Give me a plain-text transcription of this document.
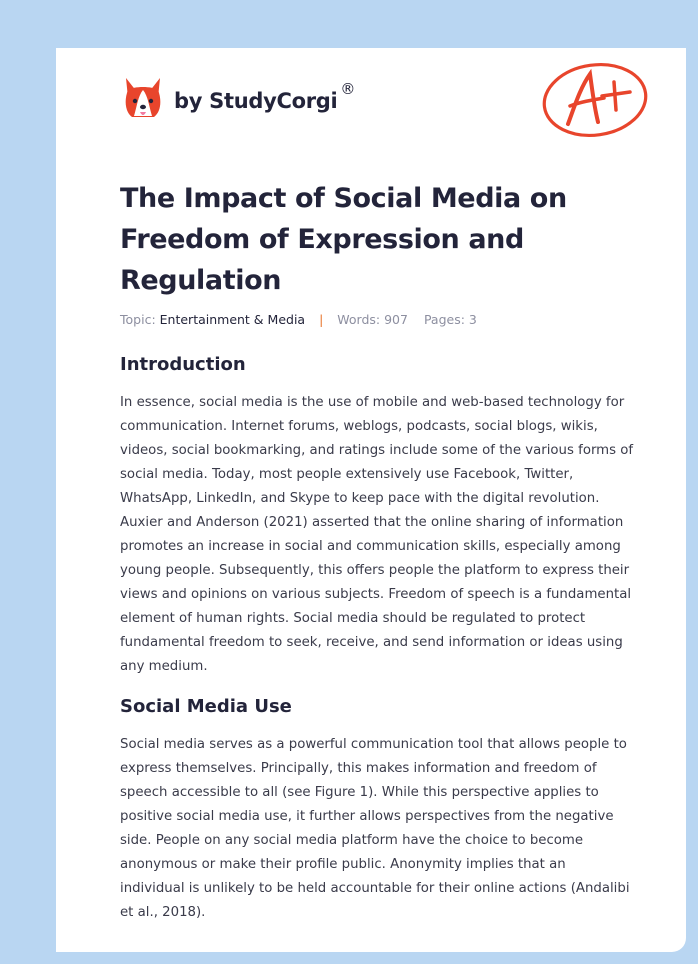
by StudyCorgi ®
The Impact of Social Media on Freedom of Expression and Regulation
Topic: Entertainment & Media | Words: 907 Pages: 3
Introduction

In essence, social media is the use of mobile and web-based technology for communication. Internet forums, weblogs, podcasts, social blogs, wikis, videos, social bookmarking, and ratings include some of the various forms of social media. Today, most people extensively use Facebook, Twitter, WhatsApp, LinkedIn, and Skype to keep pace with the digital revolution. Auxier and Anderson (2021) asserted that the online sharing of information promotes an increase in social and communication skills, especially among young people. Subsequently, this offers people the platform to express their views and opinions on various subjects. Freedom of speech is a fundamental element of human rights. Social media should be regulated to protect fundamental freedom to seek, receive, and send information or ideas using any medium.

Social Media Use

Social media serves as a powerful communication tool that allows people to express themselves. Principally, this makes information and freedom of speech accessible to all (see Figure 1). While this perspective applies to positive social media use, it further allows perspectives from the negative side. People on any social media platform have the choice to become anonymous or make their profile public. Anonymity implies that an individual is unlikely to be held accountable for their online actions (Andalibi et al., 2018).
